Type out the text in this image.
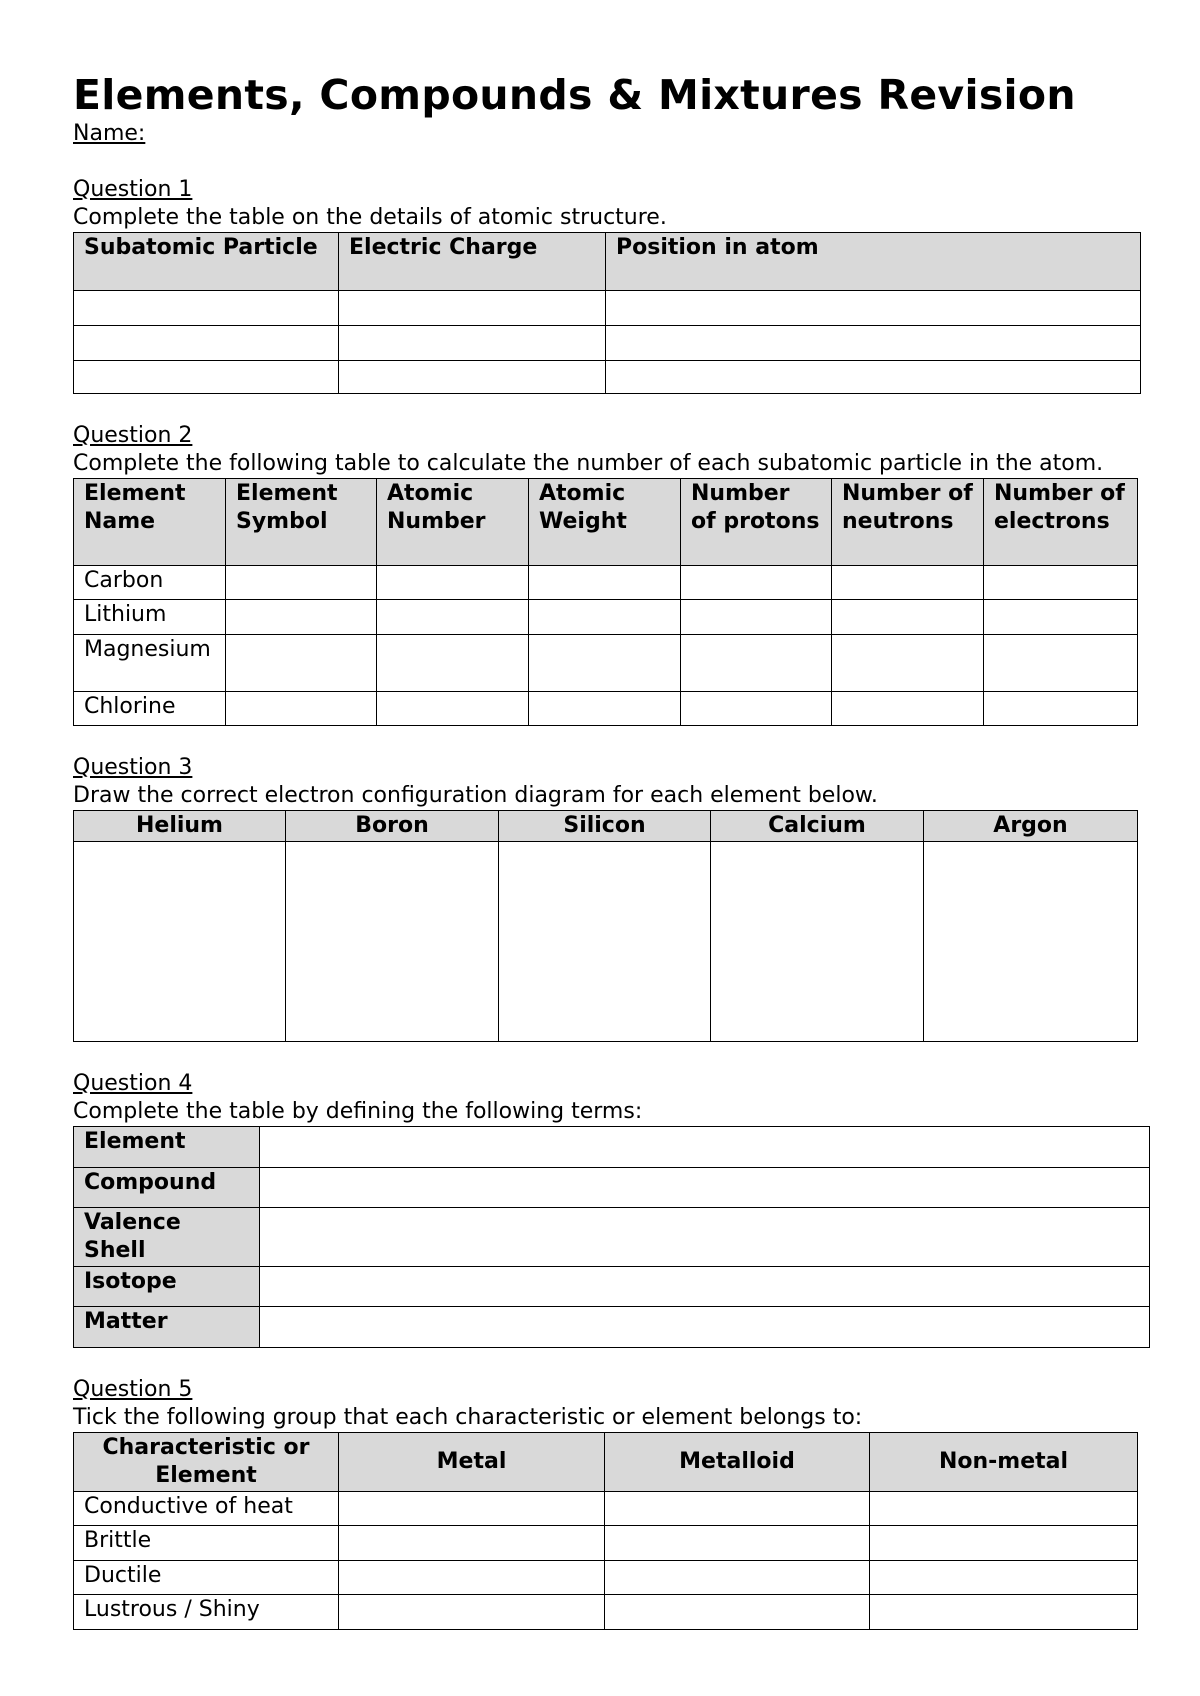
Elements, Compounds & Mixtures Revision
Name:
Question 1
Complete the table on the details of atomic structure.
Subatomic Particle	Electric Charge	Position in atom

Question 2
Complete the following table to calculate the number of each subatomic particle in the atom.
Element Name	Element Symbol	Atomic Number	Atomic Weight	Number of protons	Number of neutrons	Number of electrons
Carbon						
Lithium						
Magnesium						
Chlorine						
Question 3
Draw the correct electron configuration diagram for each element below.
Helium	Boron	Silicon	Calcium	Argon

Question 4
Complete the table by defining the following terms:
Element	
Compound	
Valence Shell	
Isotope	
Matter	
Question 5
Tick the following group that each characteristic or element belongs to:
Characteristic or Element	Metal	Metalloid	Non-metal
Conductive of heat			
Brittle			
Ductile			
Lustrous / Shiny			
